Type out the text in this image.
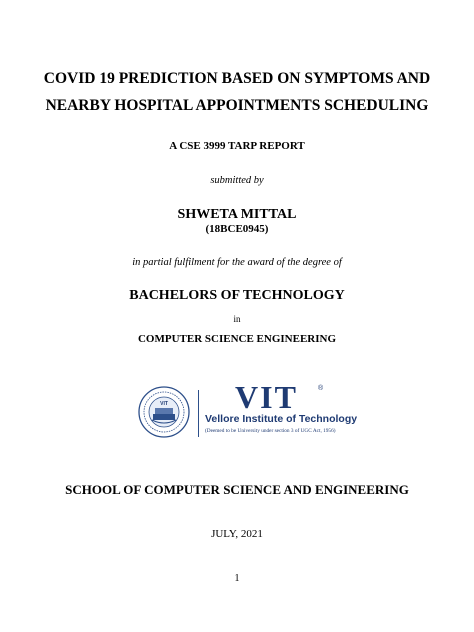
COVID 19 PREDICTION BASED ON SYMPTOMS AND
NEARBY HOSPITAL APPOINTMENTS SCHEDULING
A CSE 3999 TARP REPORT
submitted by
SHWETA MITTAL
(18BCE0945)
in partial fulfilment for the award of the degree of
BACHELORS OF TECHNOLOGY
in
COMPUTER SCIENCE ENGINEERING
VIT VIT	®
Vellore Institute of Technology
(Deemed to be University under section 3 of UGC Act, 1956)
SCHOOL OF COMPUTER SCIENCE AND ENGINEERING
JULY, 2021
1
